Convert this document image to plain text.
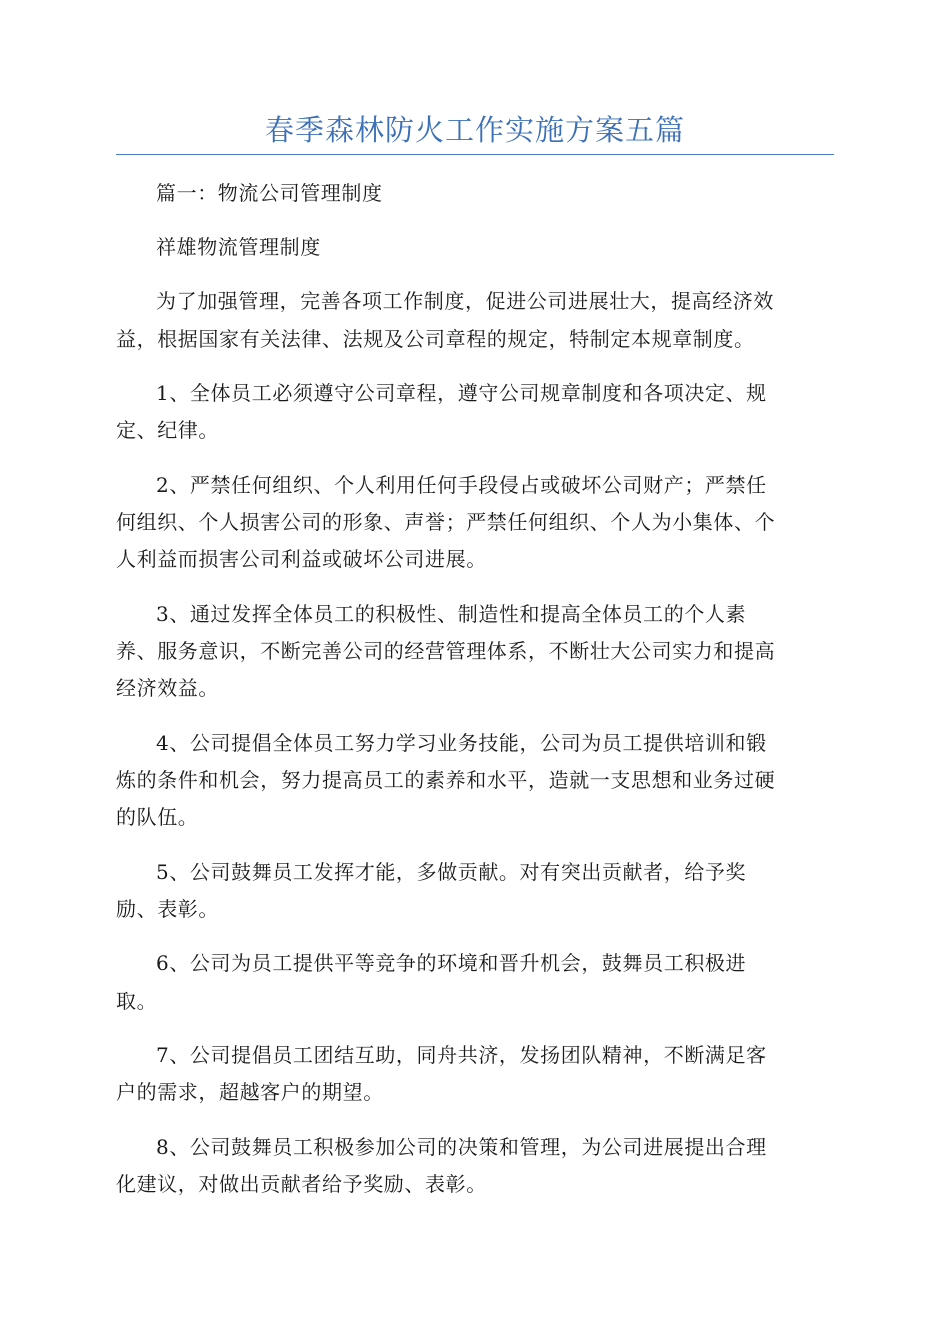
春季森林防火工作实施方案五篇

篇一：物流公司管理制度

祥雄物流管理制度

为了加强管理，完善各项工作制度，促进公司进展壮大，提高经济效
益，根据国家有关法律、法规及公司章程的规定，特制定本规章制度。

1、全体员工必须遵守公司章程，遵守公司规章制度和各项决定、规
定、纪律。

2、严禁任何组织、个人利用任何手段侵占或破坏公司财产；严禁任
何组织、个人损害公司的形象、声誉；严禁任何组织、个人为小集体、个
人利益而损害公司利益或破坏公司进展。

3、通过发挥全体员工的积极性、制造性和提高全体员工的个人素
养、服务意识，不断完善公司的经营管理体系，不断壮大公司实力和提高
经济效益。

4、公司提倡全体员工努力学习业务技能，公司为员工提供培训和锻
炼的条件和机会，努力提高员工的素养和水平，造就一支思想和业务过硬
的队伍。

5、公司鼓舞员工发挥才能，多做贡献。对有突出贡献者，给予奖
励、表彰。

6、公司为员工提供平等竞争的环境和晋升机会，鼓舞员工积极进
取。

7、公司提倡员工团结互助，同舟共济，发扬团队精神，不断满足客
户的需求，超越客户的期望。

8、公司鼓舞员工积极参加公司的决策和管理，为公司进展提出合理
化建议，对做出贡献者给予奖励、表彰。
